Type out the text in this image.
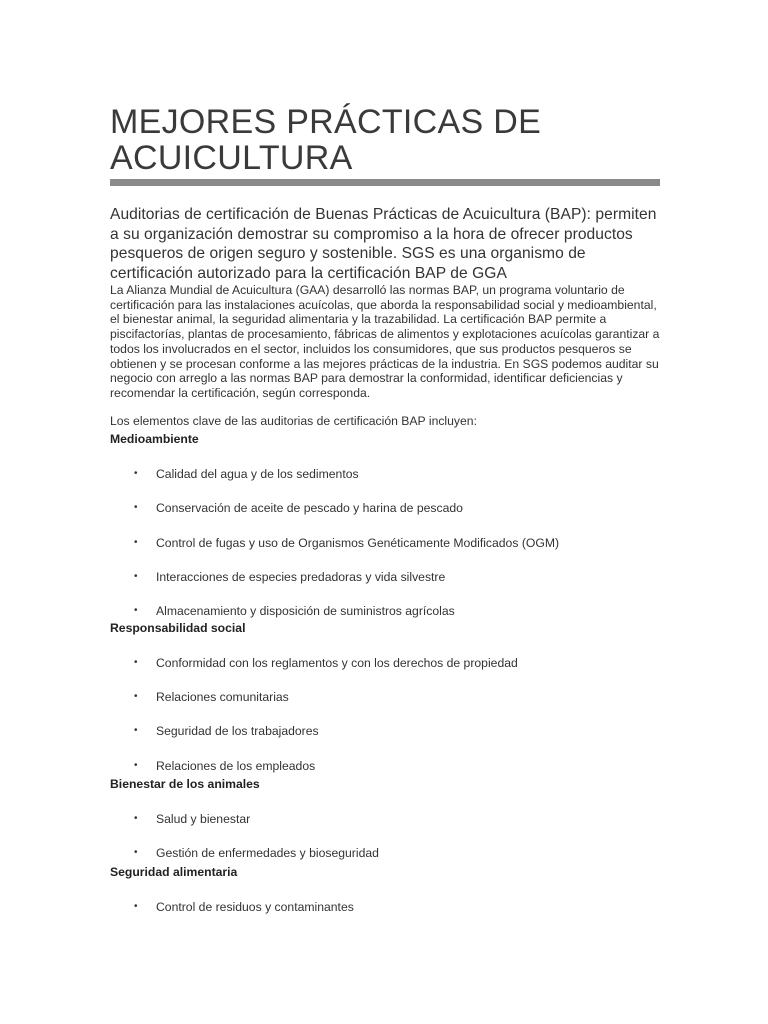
MEJORES PRÁCTICAS DE ACUICULTURA

Auditorias de certificación de Buenas Prácticas de Acuicultura (BAP): permiten a su organización demostrar su compromiso a la hora de ofrecer productos pesqueros de origen seguro y sostenible. SGS es una organismo de certificación autorizado para la certificación BAP de GGA

La Alianza Mundial de Acuicultura (GAA) desarrolló las normas BAP, un programa voluntario de certificación para las instalaciones acuícolas, que aborda la responsabilidad social y medioambiental, el bienestar animal, la seguridad alimentaria y la trazabilidad. La certificación BAP permite a piscifactorías, plantas de procesamiento, fábricas de alimentos y explotaciones acuícolas garantizar a todos los involucrados en el sector, incluidos los consumidores, que sus productos pesqueros se obtienen y se procesan conforme a las mejores prácticas de la industria. En SGS podemos auditar su negocio con arreglo a las normas BAP para demostrar la conformidad, identificar deficiencias y recomendar la certificación, según corresponda.

Los elementos clave de las auditorias de certificación BAP incluyen:

Medioambiente

• Calidad del agua y de los sedimentos
• Conservación de aceite de pescado y harina de pescado
• Control de fugas y uso de Organismos Genéticamente Modificados (OGM)
• Interacciones de especies predadoras y vida silvestre
• Almacenamiento y disposición de suministros agrícolas

Responsabilidad social

• Conformidad con los reglamentos y con los derechos de propiedad
• Relaciones comunitarias
• Seguridad de los trabajadores
• Relaciones de los empleados

Bienestar de los animales

• Salud y bienestar
• Gestión de enfermedades y bioseguridad

Seguridad alimentaria

• Control de residuos y contaminantes
